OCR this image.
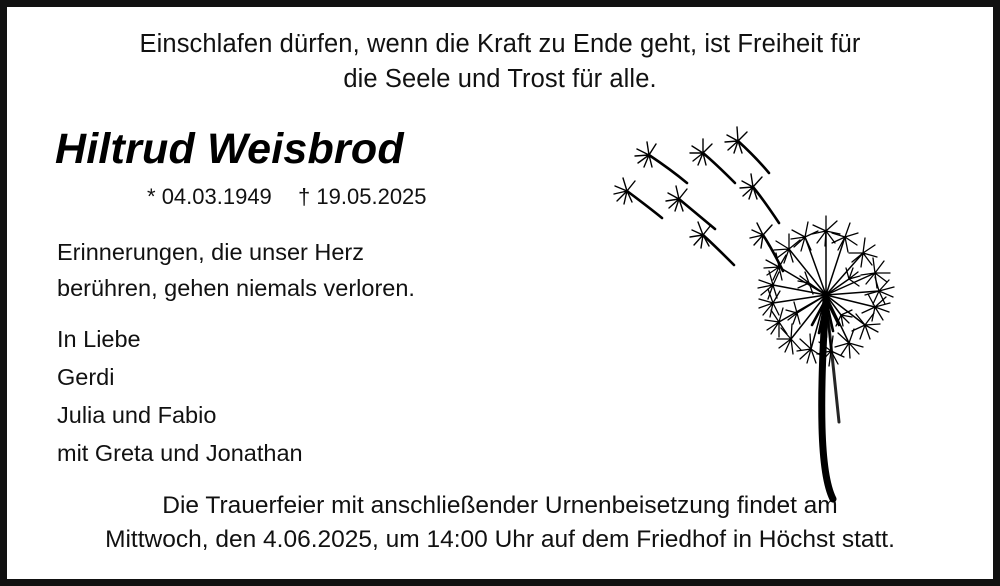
Einschlafen dürfen, wenn die Kraft zu Ende geht, ist Freiheit für
die Seele und Trost für alle.
Hiltrud Weisbrod
* 04.03.1949 † 19.05.2025
Erinnerungen, die unser Herz
berühren, gehen niemals verloren.
In Liebe
Gerdi
Julia und Fabio
mit Greta und Jonathan
Die Trauerfeier mit anschließender Urnenbeisetzung findet am
Mittwoch, den 4.06.2025, um 14:00 Uhr auf dem Friedhof in Höchst statt.
